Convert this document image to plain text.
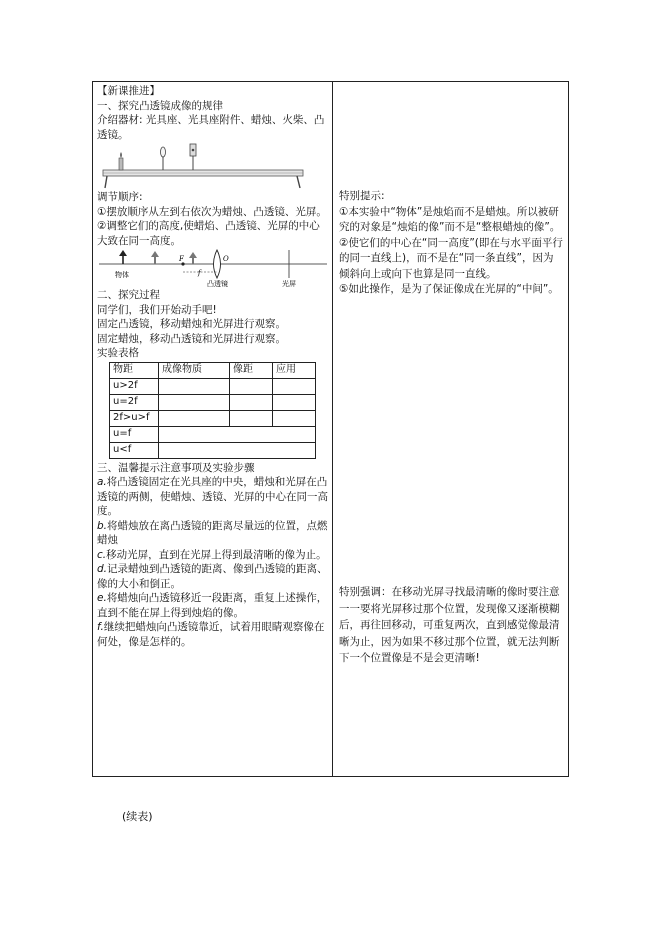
【新课推进】
一、探究凸透镜成像的规律
介绍器材: 光具座、光具座附件、蜡烛、火柴、凸透镜。
调节顺序:
①摆放顺序从左到右依次为蜡烛、凸透镜、光屏。
②调整它们的高度,使蜡焰、凸透镜、光屏的中心大致在同一高度。
物体
F
f
O
凸透镜	光屏
二、探究过程
同学们，我们开始动手吧!
固定凸透镜，移动蜡烛和光屏进行观察。
固定蜡烛，移动凸透镜和光屏进行观察。
实验表格
物距	成像物质	像距	应用
u>2f			
u=2f			
2f>u>f			
u=f			
u<f			
三、温馨提示注意事项及实验步骤
a.将凸透镜固定在光具座的中央，蜡烛和光屏在凸透镜的两侧，使蜡烛、透镜、光屏的中心在同一高度。
b.将蜡烛放在离凸透镜的距离尽量远的位置，点燃蜡烛
c.移动光屏，直到在光屏上得到最清晰的像为止。
d.记录蜡烛到凸透镜的距离、像到凸透镜的距离、像的大小和倒正。
e.将蜡烛向凸透镜移近一段距离，重复上述操作，直到不能在屏上得到烛焰的像。
f.继续把蜡烛向凸透镜靠近，试着用眼睛观察像在何处，像是怎样的。
特别提示:
①本实验中“物体”是烛焰而不是蜡烛。所以被研究的对象是“烛焰的像”而不是“整根蜡烛的像”。
②使它们的中心在“同一高度”(即在与水平面平行的同一直线上)，而不是在“同一条直线”，因为倾斜向上或向下也算是同一直线。
⑤如此操作，是为了保证像成在光屏的“中间”。
特别强调：在移动光屏寻找最清晰的像时要注意一一要将光屏移过那个位置，发现像又逐渐模糊后，再往回移动，可重复两次，直到感觉像最清晰为止，因为如果不移过那个位置，就无法判断下一个位置像是不是会更清晰!
(续表)
